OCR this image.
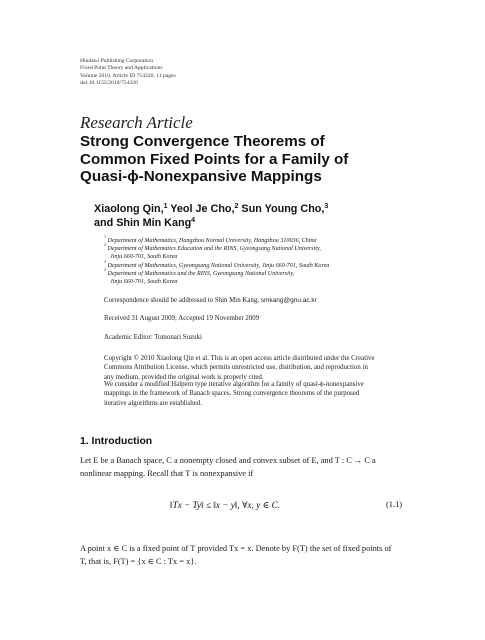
Hindawi Publishing Corporation
Fixed Point Theory and Applications
Volume 2010, Article ID 754320, 11 pages
doi:10.1155/2010/754320
Research Article
Strong Convergence Theorems of
Common Fixed Points for a Family of
Quasi-ϕ-Nonexpansive Mappings
Xiaolong Qin,$^1$ Yeol Je Cho,$^2$ Sun Young Cho,$^3$
and Shin Min Kang$^4$
$^1$ Department of Mathematics, Hangzhou Normal University, Hangzhou 310036, China
$^2$ Department of Mathematics Education and the RINS, Gyeongsang National University,
Jinju 660-701, South Korea
$^3$ Department of Mathematics, Gyeongsang National University, Jinju 660-701, South Korea
$^4$ Department of Mathematics and the RINS, Gyeongsang National University,
Jinju 660-701, South Korea
Correspondence should be addressed to Shin Min Kang, smkang@gnu.ac.kr
Received 31 August 2009; Accepted 19 November 2009
Academic Editor: Tomonari Suzuki
Copyright © 2010 Xiaolong Qin et al. This is an open access article distributed under the Creative
Commons Attribution License, which permits unrestricted use, distribution, and reproduction in
any medium, provided the original work is properly cited.
We consider a modified Halpern type iterative algorithm for a family of quasi-ϕ-nonexpansive
mappings in the framework of Banach spaces. Strong convergence theorems of the purposed
iterative algorithms are established.
1. Introduction
Let E be a Banach space, C a nonempty closed and convex subset of E, and T : C → C a
nonlinear mapping. Recall that T is nonexpansive if
‖Tx − Ty‖ ≤ ‖x − y‖, ∀x, y ∈ C.	(1.1)
A point x ∈ C is a fixed point of T provided Tx = x. Denote by F(T) the set of fixed points of
T, that is, F(T) = {x ∈ C : Tx = x}.
